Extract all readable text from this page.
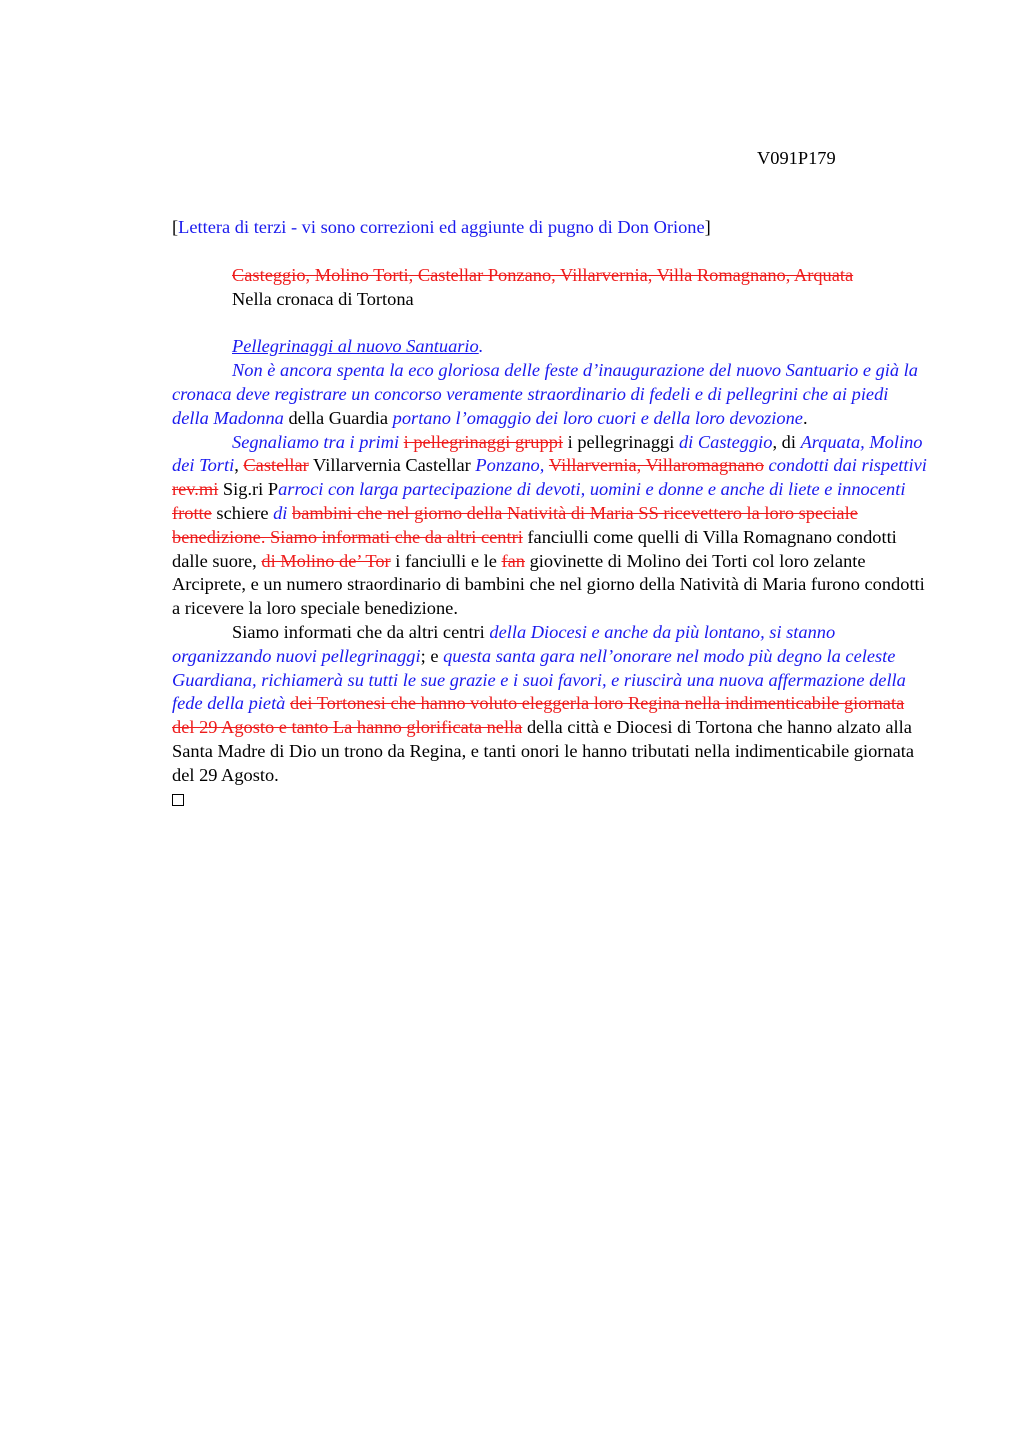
V091P179

[Lettera di terzi - vi sono correzioni ed aggiunte di pugno di Don Orione]

Casteggio, Molino Torti, Castellar Ponzano, Villarvernia, Villa Romagnano, Arquata

Nella cronaca di Tortona

Pellegrinaggi al nuovo Santuario.

Non è ancora spenta la eco gloriosa delle feste d’inaugurazione del nuovo Santuario e già la cronaca deve registrare un concorso veramente straordinario di fedeli e di pellegrini che ai piedi della Madonna della Guardia portano l’omaggio dei loro cuori e della loro devozione.

Segnaliamo tra i primi i pellegrinaggi gruppi i pellegrinaggi di Casteggio, di Arquata, Molino dei Torti, Castellar Villarvernia Castellar Ponzano, Villarvernia, Villaromagnano condotti dai rispettivi rev.mi Sig.ri Parroci con larga partecipazione di devoti, uomini e donne e anche di liete e innocenti frotte schiere di bambini che nel giorno della Natività di Maria SS ricevettero la loro speciale benedizione. Siamo informati che da altri centri fanciulli come quelli di Villa Romagnano condotti dalle suore, di Molino de’ Tor i fanciulli e le fan giovinette di Molino dei Torti col loro zelante Arciprete, e un numero straordinario di bambini che nel giorno della Natività di Maria furono condotti a ricevere la loro speciale benedizione.

Siamo informati che da altri centri della Diocesi e anche da più lontano, si stanno organizzando nuovi pellegrinaggi; e questa santa gara nell’onorare nel modo più degno la celeste Guardiana, richiamerà su tutti le sue grazie e i suoi favori, e riuscirà una nuova affermazione della fede della pietà dei Tortonesi che hanno voluto eleggerla loro Regina nella indimenticabile giornata del 29 Agosto e tanto La hanno glorificata nella della città e Diocesi di Tortona che hanno alzato alla Santa Madre di Dio un trono da Regina, e tanti onori le hanno tributati nella indimenticabile giornata del 29 Agosto.
